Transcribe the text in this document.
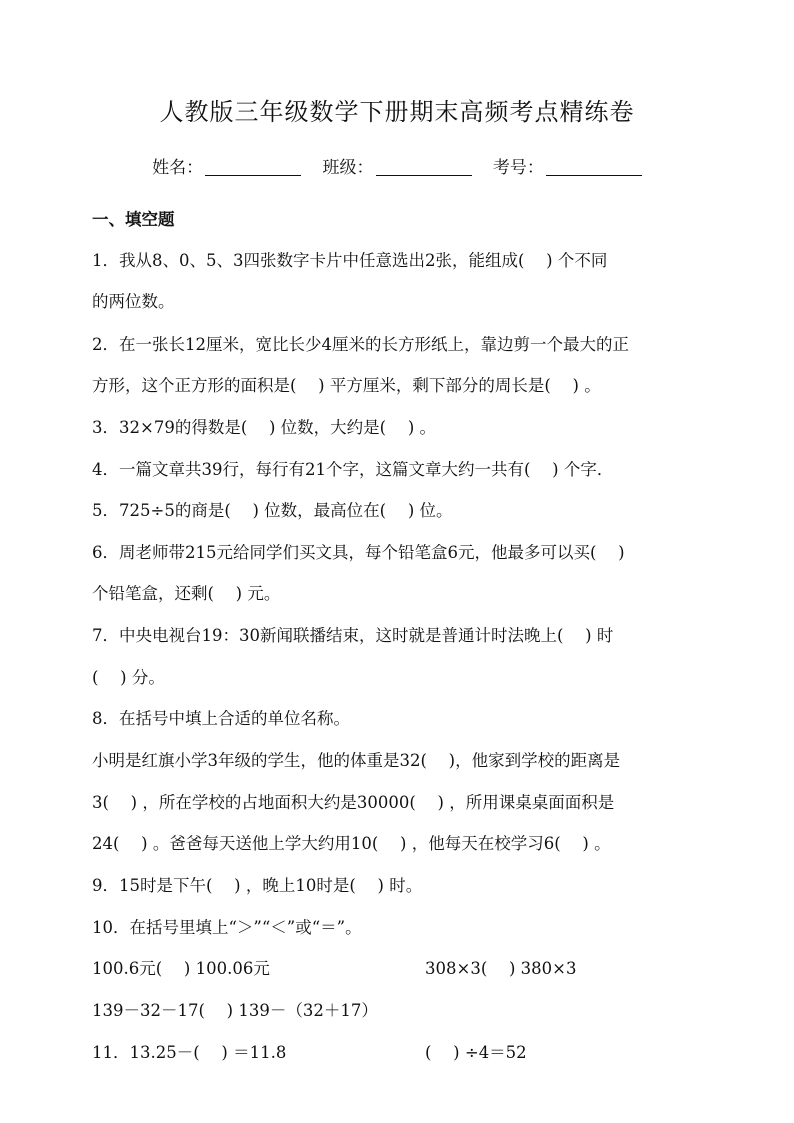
人教版三年级数学下册期末高频考点精练卷
姓名：	班级：	考号：
一、填空题
1．我从8、0、5、3四张数字卡片中任意选出2张，能组成(　 ) 个不同
的两位数。
2．在一张长12厘米，宽比长少4厘米的长方形纸上，靠边剪一个最大的正
方形，这个正方形的面积是(　 ) 平方厘米，剩下部分的周长是(　 ) 。
3．32×79的得数是(　 ) 位数，大约是(　 ) 。
4．一篇文章共39行，每行有21个字，这篇文章大约一共有(　 ) 个字．
5．725÷5的商是(　 ) 位数，最高位在(　 ) 位。
6．周老师带215元给同学们买文具，每个铅笔盒6元，他最多可以买(　 )
个铅笔盒，还剩(　 ) 元。
7．中央电视台19：30新闻联播结束，这时就是普通计时法晚上(　 ) 时
(　 ) 分。
8．在括号中填上合适的单位名称。
小明是红旗小学3年级的学生，他的体重是32(　 )，他家到学校的距离是
3(　 ) ，所在学校的占地面积大约是30000(　 ) ，所用课桌桌面面积是
24(　 ) 。爸爸每天送他上学大约用10(　 ) ，他每天在校学习6(　 ) 。
9．15时是下午(　 ) ，晚上10时是(　 ) 时。
10．在括号里填上“＞”“＜”或“＝”。
100.6元(　 ) 100.06元	308×3(　 ) 380×3
139－32－17(　 ) 139－（32＋17）
11．13.25－(　 ) ＝11.8	(　 ) ÷4＝52
